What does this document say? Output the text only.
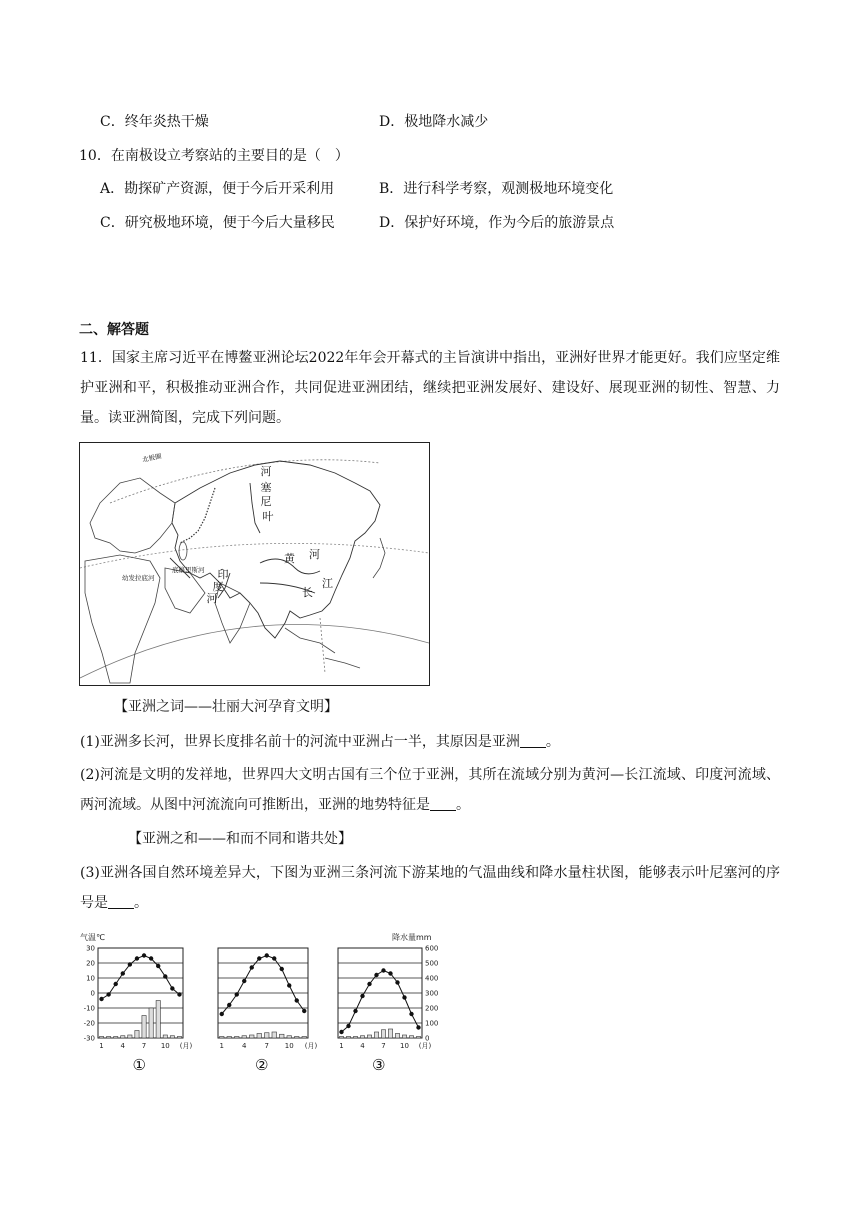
C．终年炎热干燥	D．极地降水减少
10．在南极设立考察站的主要目的是（　）
A．勘探矿产资源，便于今后开采利用	B．进行科学考察，观测极地环境变化
C．研究极地环境，便于今后大量移民	D．保护好环境，作为今后的旅游景点
二、解答题
11．国家主席习近平在博鳌亚洲论坛2022年年会开幕式的主旨演讲中指出，亚洲好世界才能更好。我们应坚定维护亚洲和平，积极推动亚洲合作，共同促进亚洲团结，继续把亚洲发展好、建设好、展现亚洲的韧性、智慧、力量。读亚洲简图，完成下列问题。
北极圈
河
塞
尼
叶
黄 河
江
长
印
度
河
底格里斯河
幼发拉底河
【亚洲之词——壮丽大河孕育文明】
(1)亚洲多长河，世界长度排名前十的河流中亚洲占一半，其原因是亚洲 。
(2)河流是文明的发祥地，世界四大文明古国有三个位于亚洲，其所在流域分别为黄河—长江流域、印度河流域、两河流域。从图中河流流向可推断出，亚洲的地势特征是 。
【亚洲之和——和而不同和谐共处】
(3)亚洲各国自然环境差异大，下图为亚洲三条河流下游某地的气温曲线和降水量柱状图，能够表示叶尼塞河的序号是 。
1 4 7 10 (月)
30
20
10
0
-10
-20
-30
气温℃
①
1	4	7 10 (月)
②
1 4 7 10 (月)
600
500
400
300
200
100
0
降水量mm
③
